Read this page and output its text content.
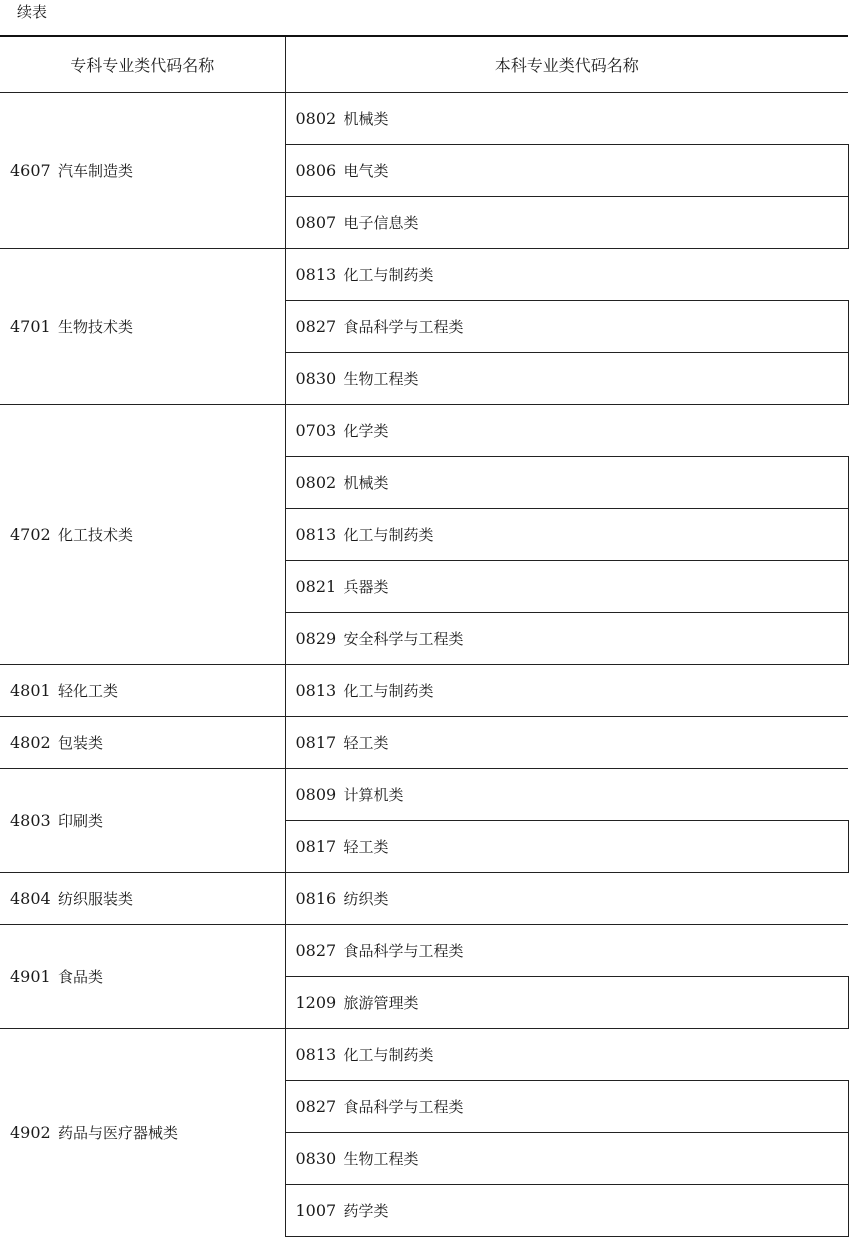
续表
专科专业类代码名称	本科专业类代码名称
4607 汽车制造类	0802 机械类
	0806 电气类
	0807 电子信息类
4701 生物技术类	0813 化工与制药类
	0827 食品科学与工程类
	0830 生物工程类
4702 化工技术类	0703 化学类
	0802 机械类
	0813 化工与制药类
	0821 兵器类
	0829 安全科学与工程类
4801 轻化工类	0813 化工与制药类
4802 包装类	0817 轻工类
4803 印刷类	0809 计算机类
	0817 轻工类
4804 纺织服装类	0816 纺织类
4901 食品类	0827 食品科学与工程类
	1209 旅游管理类
4902 药品与医疗器械类	0813 化工与制药类
	0827 食品科学与工程类
	0830 生物工程类
	1007 药学类
